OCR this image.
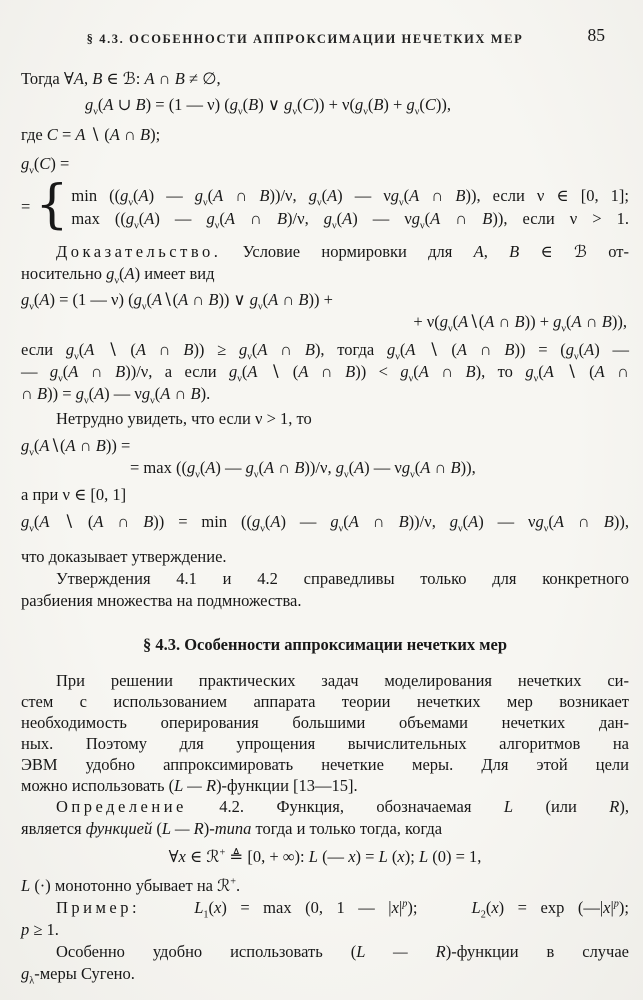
§ 4.3. ОСОБЕННОСТИ АППРОКСИМАЦИИ НЕЧЕТКИХ МЕР	85
Тогда ∀A, B ∈ ℬ: A ∩ B ≠ ∅,
$g_\nu(A$ ∪ B) = (1 — ν) ($g_\nu(B)$ ∨ $g_\nu(C)) + \nu(g_\nu(B) + g_\nu(C))$,
где C = A ∖ (A ∩ B);
$g_\nu(C)$ =
= { $\min ((g_\nu(A)$ — $g_\nu(A$ ∩ B))/ν, $g_\nu(A)$ — $\nu g_\nu(A$ ∩ B)), если ν ∈ [0, 1];
$\max ((g_\nu(A)$ — $g_\nu(A$ ∩ B)/ν, $g_\nu(A)$ — $\nu g_\nu(A$ ∩ B)), если ν > 1.
Доказательство. Условие нормировки для A, B ∈ ℬ от-
носительно $g_\nu(A)$ имеет вид
$g_\nu(A) = (1$ — ν) ($g_\nu(A∖(A$ ∩ B)) ∨ $g_\nu(A$ ∩ B)) +
+ $\nu(g_\nu(A∖(A$ ∩ $B)) + g_\nu(A$ ∩ B)),
если $g_\nu(A$ ∖ (A ∩ $B)) \ge g_\nu(A$ ∩ B), тогда $g_\nu(A$ ∖ (A ∩ $B)) = (g_\nu(A)$ —
— $g_\nu(A$ ∩ B))/ν, а если $g_\nu(A$ ∖ (A ∩ $B)) < g_\nu(A$ ∩ B), то $g_\nu(A$ ∖ (A ∩
∩ $B)) = g_\nu(A)$ — $\nu g_\nu(A$ ∩ B).
Нетрудно увидеть, что если ν > 1, то
$g_\nu(A∖(A$ ∩ B)) =
= $\max ((g_\nu(A)$ — $g_\nu(A$ ∩ B))/ν, $g_\nu(A)$ — $\nu g_\nu(A$ ∩ B)),
а при ν ∈ [0, 1]
$g_\nu(A$ ∖ (A ∩ $B)) = \min ((g_\nu(A)$ — $g_\nu(A$ ∩ B))/ν, $g_\nu(A)$ — $\nu g_\nu(A$ ∩ B)),
что доказывает утверждение.
Утверждения 4.1 и 4.2 справедливы только для конкретного
разбиения множества на подмножества.
§ 4.3. Особенности аппроксимации нечетких мер
При решении практических задач моделирования нечетких си-
стем с использованием аппарата теории нечетких мер возникает
необходимость оперирования большими объемами нечетких дан-
ных. Поэтому для упрощения вычислительных алгоритмов на
ЭВМ удобно аппроксимировать нечеткие меры. Для этой цели
можно использовать (L — R)-функции [13—15].
Определение 4.2. Функция, обозначаемая L (или R),
является функцией (L — R)-типа тогда и только тогда, когда
∀x ∈ ℛ+ ≜ [0, + ∞): L (— x) = L (x); L (0) = 1,
L (·) монотонно убывает на ℛ+.
Пример:	$L_1(x) = \max (0$, 1 — $|x|^p$);    $L_2(x) = \exp$ $(—|x|^p)$;
p ≥ 1.
Особенно удобно использовать (L — R)-функции в случае
$g_\lambda$-меры Сугено.
